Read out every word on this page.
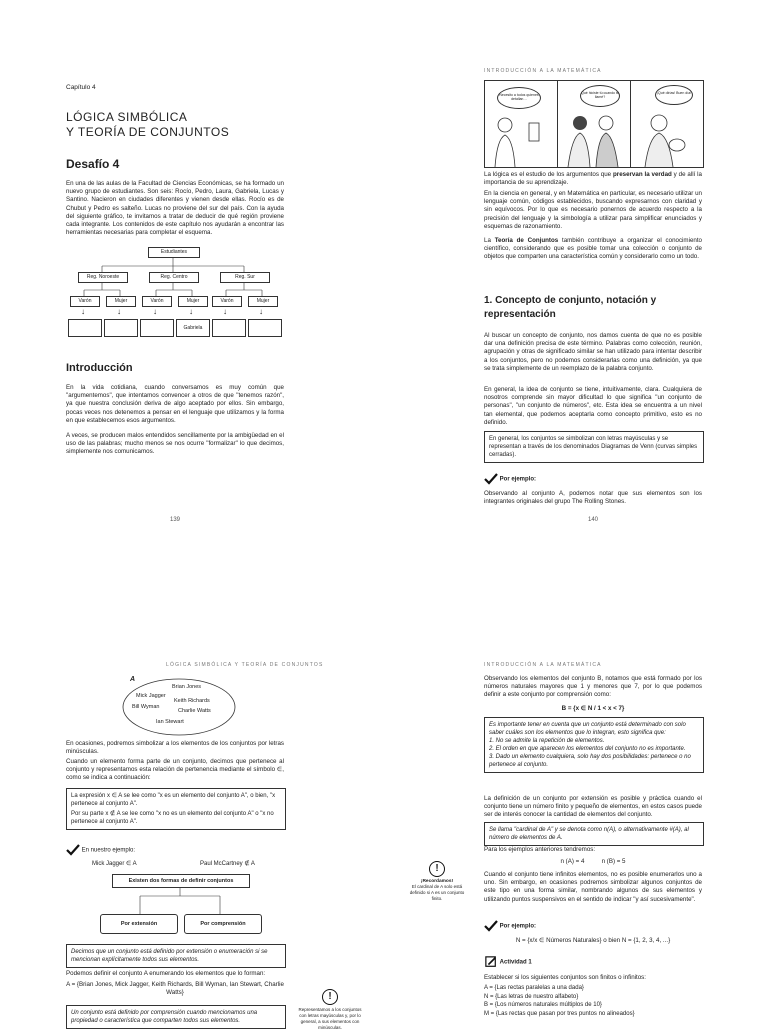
Capítulo 4
LÓGICA SIMBÓLICA
Y TEORÍA DE CONJUNTOS
Desafío 4

En una de las aulas de la Facultad de Ciencias Económicas, se ha formado un nuevo grupo de estudiantes. Son seis: Rocío, Pedro, Laura, Gabriela, Lucas y Santino. Nacieron en ciudades diferentes y vienen desde ellas. Rocío es de Chubut y Pedro es salteño. Lucas no proviene del sur del país. Con la ayuda del siguiente gráfico, te invitamos a tratar de deducir de qué región proviene cada integrante. Los contenidos de este capítulo nos ayudarán a encontrar las herramientas necesarias para completar el esquema.

Estudiantes
Reg. Noroeste	Reg. Centro	Reg. Sur
Varón	Mujer	Varón	Mujer	Varón	Mujer
↓	↓	↓	↓	↓	↓
Gabriela
Introducción

En la vida cotidiana, cuando conversamos es muy común que "argumentemos", que intentamos convencer a otros de que "tenemos razón", ya que nuestra conclusión deriva de algo aceptado por ellos. Sin embargo, pocas veces nos detenemos a pensar en el lenguaje que utilizamos y la forma en que establecemos esos argumentos.

A veces, se producen malos entendidos sencillamente por la ambigüedad en el uso de las palabras; mucho menos se nos ocurre "formalizar" lo que decimos, simplemente nos comunicamos.

139
INTRODUCCIÓN A LA MATEMÁTICA
Necesito a todos quienes detallan…
Qué hiciste tú cuando te llamé?
¡Qué dirías! Buen día!

La lógica es el estudio de los argumentos que preservan la verdad y de allí la importancia de su aprendizaje.

En la ciencia en general, y en Matemática en particular, es necesario utilizar un lenguaje común, códigos establecidos, buscando expresarnos con claridad y sin equívocos. Por lo que es necesario ponernos de acuerdo respecto a la precisión del lenguaje y la simbología a utilizar para simplificar enunciados y esquemas de razonamiento.

La Teoría de Conjuntos también contribuye a organizar el conocimiento científico, considerando que es posible tomar una colección o conjunto de objetos que comparten una característica común y considerarlo como un todo.

1. Concepto de conjunto, notación y representación

Al buscar un concepto de conjunto, nos damos cuenta de que no es posible dar una definición precisa de este término. Palabras como colección, reunión, agrupación y otras de significado similar se han utilizado para intentar describir a los conjuntos, pero no podemos considerarlas como una definición, ya que se trata simplemente de un reemplazo de la palabra conjunto.

En general, la idea de conjunto se tiene, intuitivamente, clara. Cualquiera de nosotros comprende sin mayor dificultad lo que significa "un conjunto de personas", "un conjunto de números", etc. Esta idea se encuentra a un nivel tan elemental, que podemos aceptarla como concepto primitivo, esto es no definido.

En general, los conjuntos se simbolizan con letras mayúsculas y se representan a través de los denominados Diagramas de Venn (curvas simples cerradas).
Por ejemplo:

Observando al conjunto A, podemos notar que sus elementos son los integrantes originales del grupo The Rolling Stones.

140
LÓGICA SIMBÓLICA Y TEORÍA DE CONJUNTOS
A
Brian Jones
Mick Jagger
Keith Richards
Bill Wyman
Charlie Watts
Ian Stewart

En ocasiones, podremos simbolizar a los elementos de los conjuntos por letras minúsculas.

Cuando un elemento forma parte de un conjunto, decimos que pertenece al conjunto y representamos esta relación de pertenencia mediante el símbolo ∈, como se indica a continuación:

La expresión x ∈ A se lee como "x es un elemento del conjunto A", o bien, "x pertenece al conjunto A".
Por su parte x ∉ A se lee como "x no es un elemento del conjunto A" o "x no pertenece al conjunto A".
En nuestro ejemplo:
Mick Jagger ∈ A	Paul McCartney ∉ A
Existen dos formas de definir conjuntos
Por extensión	Por comprensión
Decimos que un conjunto está definido por extensión o enumeración si se mencionan explícitamente todos sus elementos.

Podemos definir el conjunto A enumerando los elementos que lo forman:

A = {Brian Jones, Mick Jagger, Keith Richards, Bill Wyman, Ian Stewart, Charlie Watts}

Un conjunto está definido por comprensión cuando mencionamos una propiedad o característica que comparten todos sus elementos.
!
Representamos a los conjuntos con letras mayúsculas y, por lo general, a sus elementos con minúsculas.
INTRODUCCIÓN A LA MATEMÁTICA

Observando los elementos del conjunto B, notamos que está formado por los números naturales mayores que 1 y menores que 7, por lo que podemos definir a este conjunto por comprensión como:

B = {x ∈ N / 1 < x < 7}

Es importante tener en cuenta que un conjunto está determinado con solo saber cuáles son los elementos que lo integran, esto significa que:
1. No se admite la repetición de elementos.
2. El orden en que aparecen los elementos del conjunto no es importante.
3. Dado un elemento cualquiera, solo hay dos posibilidades: pertenece o no pertenece al conjunto.

La definición de un conjunto por extensión es posible y práctica cuando el conjunto tiene un número finito y pequeño de elementos, en estos casos puede ser de interés conocer la cantidad de elementos del conjunto.

Se llama "cardinal de A" y se denota como n(A), o alternativamente #(A), al número de elementos de A.

Para los ejemplos anteriores tendremos:

n (A) = 4          n (B) = 5

!
¡Recordamos!
El cardinal de A solo está definido si A es un conjunto finito.

Cuando el conjunto tiene infinitos elementos, no es posible enumerarlos uno a uno. Sin embargo, en ocasiones podremos simbolizar algunos conjuntos de este tipo en una forma similar, nombrando algunos de sus elementos y utilizando puntos suspensivos en el sentido de indicar "y así sucesivamente".

Por ejemplo:

N = {x/x ∈ Números Naturales} o bien N = {1, 2, 3, 4, ...}

Actividad 1

Establecer si los siguientes conjuntos son finitos o infinitos:

A = {Las rectas paralelas a una dada}
N = {Las letras de nuestro alfabeto}
B = {Los números naturales múltiplos de 10}
M = {Las rectas que pasan por tres puntos no alineados}
